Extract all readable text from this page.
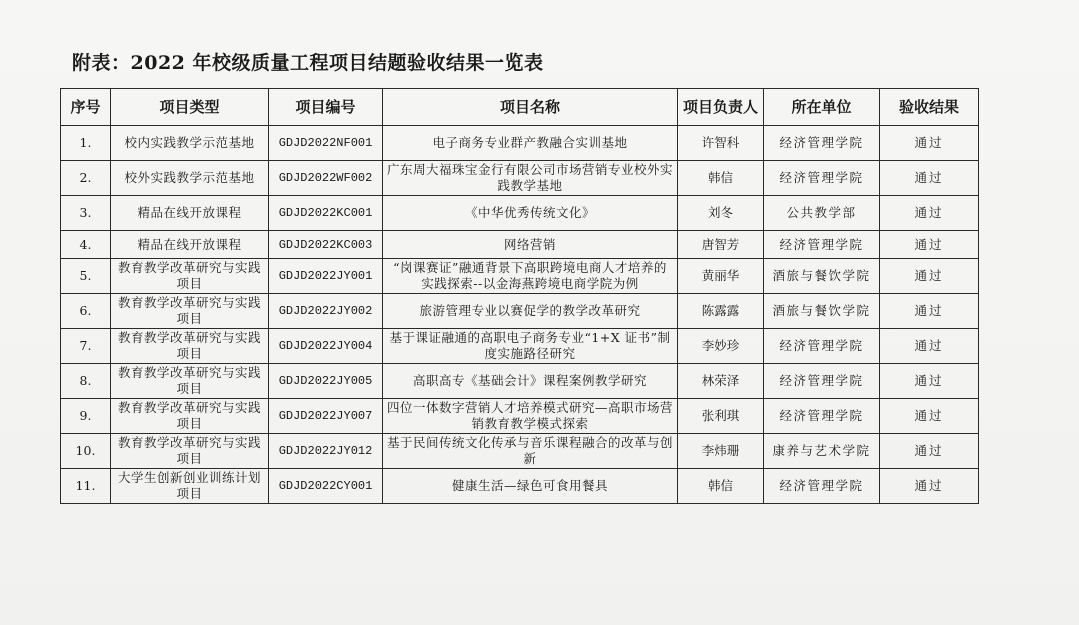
附表：2022 年校级质量工程项目结题验收结果一览表
序号	项目类型	项目编号	项目名称	项目负责人	所在单位	验收结果
1.	校内实践教学示范基地	GDJD2022NF001	电子商务专业群产教融合实训基地	许智科	经济管理学院	通过
2.	校外实践教学示范基地	GDJD2022WF002	广东周大福珠宝金行有限公司市场营销专业校外实践教学基地	韩信	经济管理学院	通过
3.	精品在线开放课程	GDJD2022KC001	《中华优秀传统文化》	刘冬	公共教学部	通过
4.	精品在线开放课程	GDJD2022KC003	网络营销	唐智芳	经济管理学院	通过
5.	教育教学改革研究与实践项目	GDJD2022JY001	“岗课赛证”融通背景下高职跨境电商人才培养的实践探索--以金海燕跨境电商学院为例	黄丽华	酒旅与餐饮学院	通过
6.	教育教学改革研究与实践项目	GDJD2022JY002	旅游管理专业以赛促学的教学改革研究	陈露露	酒旅与餐饮学院	通过
7.	教育教学改革研究与实践项目	GDJD2022JY004	基于课证融通的高职电子商务专业“1+X 证书”制度实施路径研究	李妙珍	经济管理学院	通过
8.	教育教学改革研究与实践项目	GDJD2022JY005	高职高专《基础会计》课程案例教学研究	林荣泽	经济管理学院	通过
9.	教育教学改革研究与实践项目	GDJD2022JY007	四位一体数字营销人才培养模式研究—高职市场营销教育教学模式探索	张利琪	经济管理学院	通过
10.	教育教学改革研究与实践项目	GDJD2022JY012	基于民间传统文化传承与音乐课程融合的改革与创新	李炜珊	康养与艺术学院	通过
11.	大学生创新创业训练计划项目	GDJD2022CY001	健康生活—绿色可食用餐具	韩信	经济管理学院	通过
